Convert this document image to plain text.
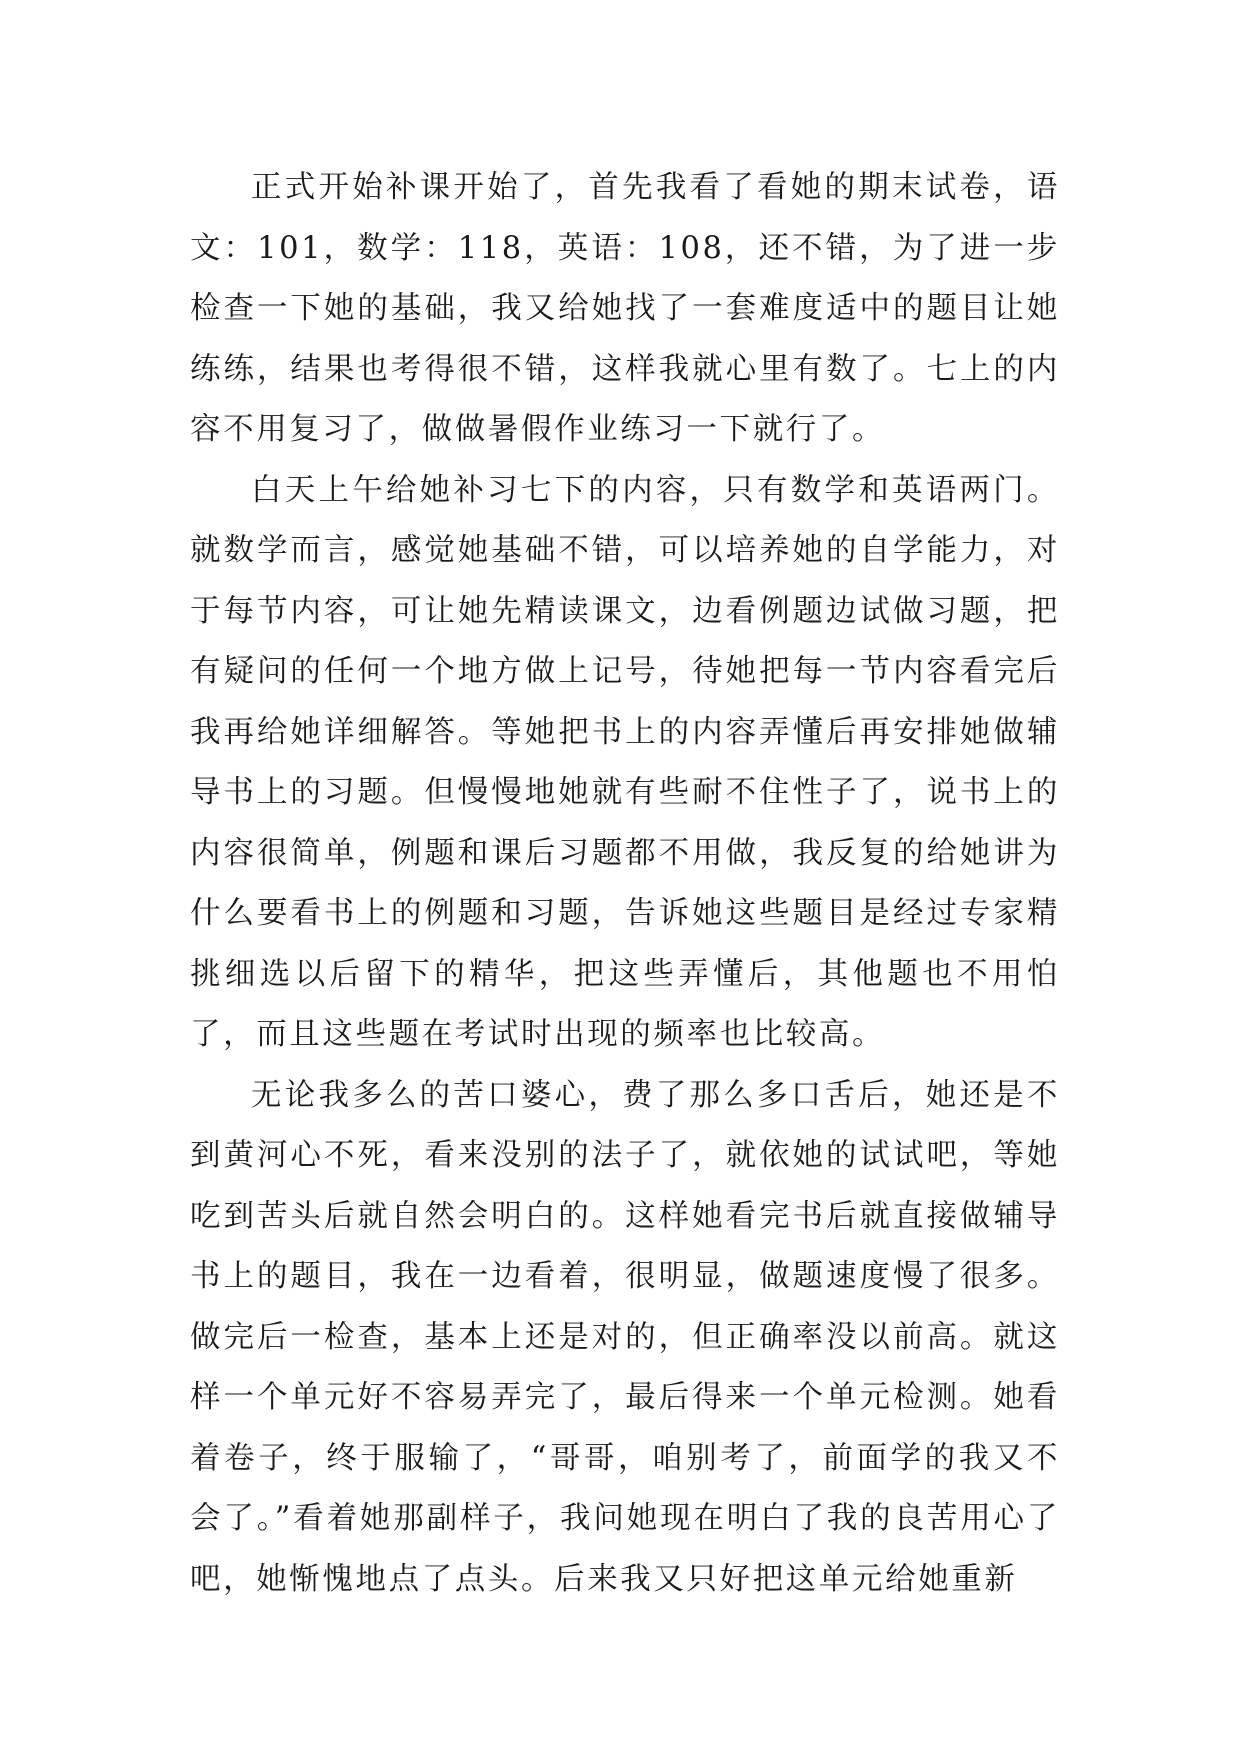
正式开始补课开始了，首先我看了看她的期末试卷，语文：101，数学：118，英语：108，还不错，为了进一步检查一下她的基础，我又给她找了一套难度适中的题目让她练练，结果也考得很不错，这样我就心里有数了。七上的内容不用复习了，做做暑假作业练习一下就行了。

白天上午给她补习七下的内容，只有数学和英语两门。就数学而言，感觉她基础不错，可以培养她的自学能力，对于每节内容，可让她先精读课文，边看例题边试做习题，把有疑问的任何一个地方做上记号，待她把每一节内容看完后我再给她详细解答。等她把书上的内容弄懂后再安排她做辅导书上的习题。但慢慢地她就有些耐不住性子了，说书上的内容很简单，例题和课后习题都不用做，我反复的给她讲为什么要看书上的例题和习题，告诉她这些题目是经过专家精挑细选以后留下的精华，把这些弄懂后，其他题也不用怕了，而且这些题在考试时出现的频率也比较高。

无论我多么的苦口婆心，费了那么多口舌后，她还是不到黄河心不死，看来没别的法子了，就依她的试试吧，等她吃到苦头后就自然会明白的。这样她看完书后就直接做辅导书上的题目，我在一边看着，很明显，做题速度慢了很多。做完后一检查，基本上还是对的，但正确率没以前高。就这样一个单元好不容易弄完了，最后得来一个单元检测。她看着卷子，终于服输了，“哥哥，咱别考了，前面学的我又不会了。”看着她那副样子，我问她现在明白了我的良苦用心了吧，她惭愧地点了点头。后来我又只好把这单元给她重新
